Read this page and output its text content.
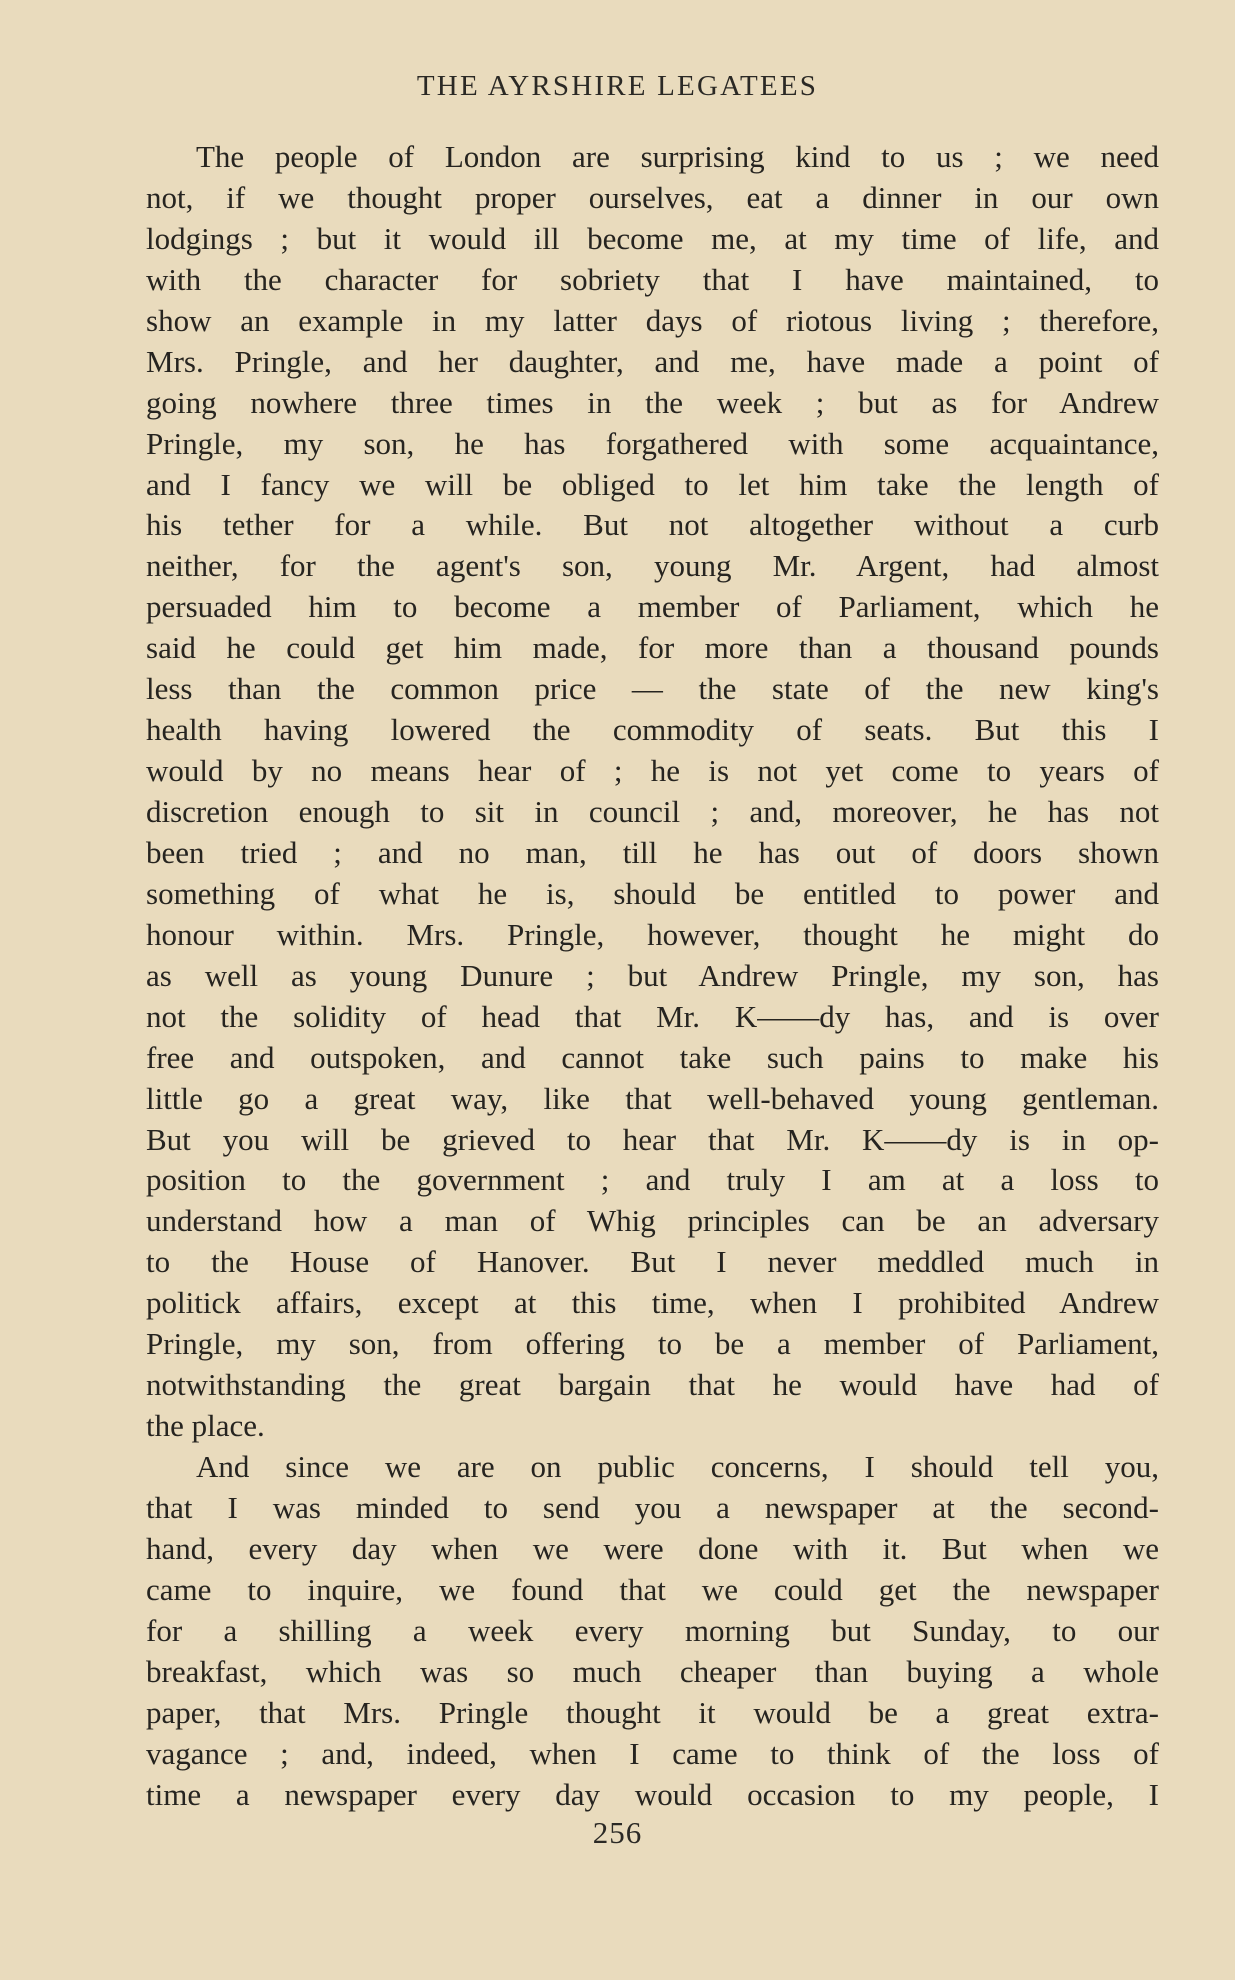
THE AYRSHIRE LEGATEES
The people of London are surprising kind to us ; we need
not, if we thought proper ourselves, eat a dinner in our own
lodgings ; but it would ill become me, at my time of life, and
with the character for sobriety that I have maintained, to
show an example in my latter days of riotous living ; therefore,
Mrs. Pringle, and her daughter, and me, have made a point of
going nowhere three times in the week ; but as for Andrew
Pringle, my son, he has forgathered with some acquaintance,
and I fancy we will be obliged to let him take the length of
his tether for a while. But not altogether without a curb
neither, for the agent's son, young Mr. Argent, had almost
persuaded him to become a member of Parliament, which he
said he could get him made, for more than a thousand pounds
less than the common price — the state of the new king's
health having lowered the commodity of seats. But this I
would by no means hear of ; he is not yet come to years of
discretion enough to sit in council ; and, moreover, he has not
been tried ; and no man, till he has out of doors shown
something of what he is, should be entitled to power and
honour within. Mrs. Pringle, however, thought he might do
as well as young Dunure ; but Andrew Pringle, my son, has
not the solidity of head that Mr. K——dy has, and is over
free and outspoken, and cannot take such pains to make his
little go a great way, like that well-behaved young gentleman.
But you will be grieved to hear that Mr. K——dy is in op-
position to the government ; and truly I am at a loss to
understand how a man of Whig principles can be an adversary
to the House of Hanover. But I never meddled much in
politick affairs, except at this time, when I prohibited Andrew
Pringle, my son, from offering to be a member of Parliament,
notwithstanding the great bargain that he would have had of
the place.
And since we are on public concerns, I should tell you,
that I was minded to send you a newspaper at the second-
hand, every day when we were done with it. But when we
came to inquire, we found that we could get the newspaper
for a shilling a week every morning but Sunday, to our
breakfast, which was so much cheaper than buying a whole
paper, that Mrs. Pringle thought it would be a great extra-
vagance ; and, indeed, when I came to think of the loss of
time a newspaper every day would occasion to my people, I
256
